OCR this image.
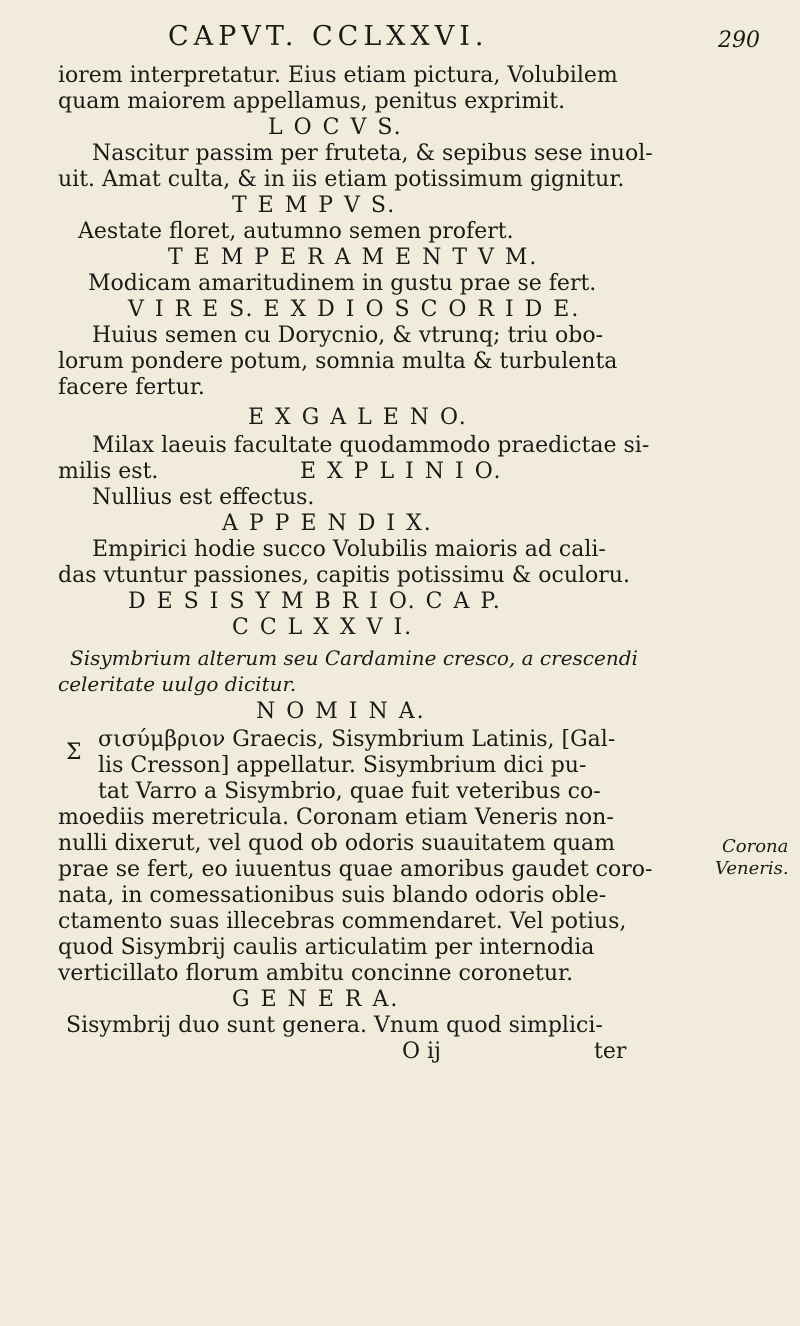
CAPVT. CCLXXVI.	290
iorem interpretatur. Eius etiam pictura, Volubilem
quam maiorem appellamus, penitus exprimit.
L O C V S.
Nascitur passim per fruteta, & sepibus sese inuol-
uit. Amat culta, & in iis etiam potissimum gignitur.
T E M P V S.
Aestate floret, autumno semen profert.
T E M P E R A M E N T V M.
Modicam amaritudinem in gustu prae se fert.
V I R E S. E X D I O S C O R I D E.
Huius semen cu Dorycnio, & vtrunq; triu obo-
lorum pondere potum, somnia multa & turbulenta
facere fertur.
E X G A L E N O.
Milax laeuis facultate quodammodo praedictae si-
milis est.	E X P L I N I O.
Nullius est effectus.
A P P E N D I X.
Empirici hodie succo Volubilis maioris ad cali-
das vtuntur passiones, capitis potissimu & oculoru.
D E S I S Y M B R I O. C A P.
C C L X X V I.
Sisymbrium alterum seu Cardamine cresco, a crescendi
celeritate uulgo dicitur.
N O M I N A.
Σ
σισύμβριον Graecis, Sisymbrium Latinis, [Gal-
lis Cresson] appellatur. Sisymbrium dici pu-
tat Varro a Sisymbrio, quae fuit veteribus co-
moediis meretricula. Coronam etiam Veneris non-
nulli dixerut, vel quod ob odoris suauitatem quam
prae se fert, eo iuuentus quae amoribus gaudet coro-
nata, in comessationibus suis blando odoris oble-
ctamento suas illecebras commendaret. Vel potius,
quod Sisymbrij caulis articulatim per internodia
verticillato florum ambitu concinne coronetur.
G E N E R A.
Sisymbrij duo sunt genera. Vnum quod simplici-
O ij	ter
Corona
Veneris.
